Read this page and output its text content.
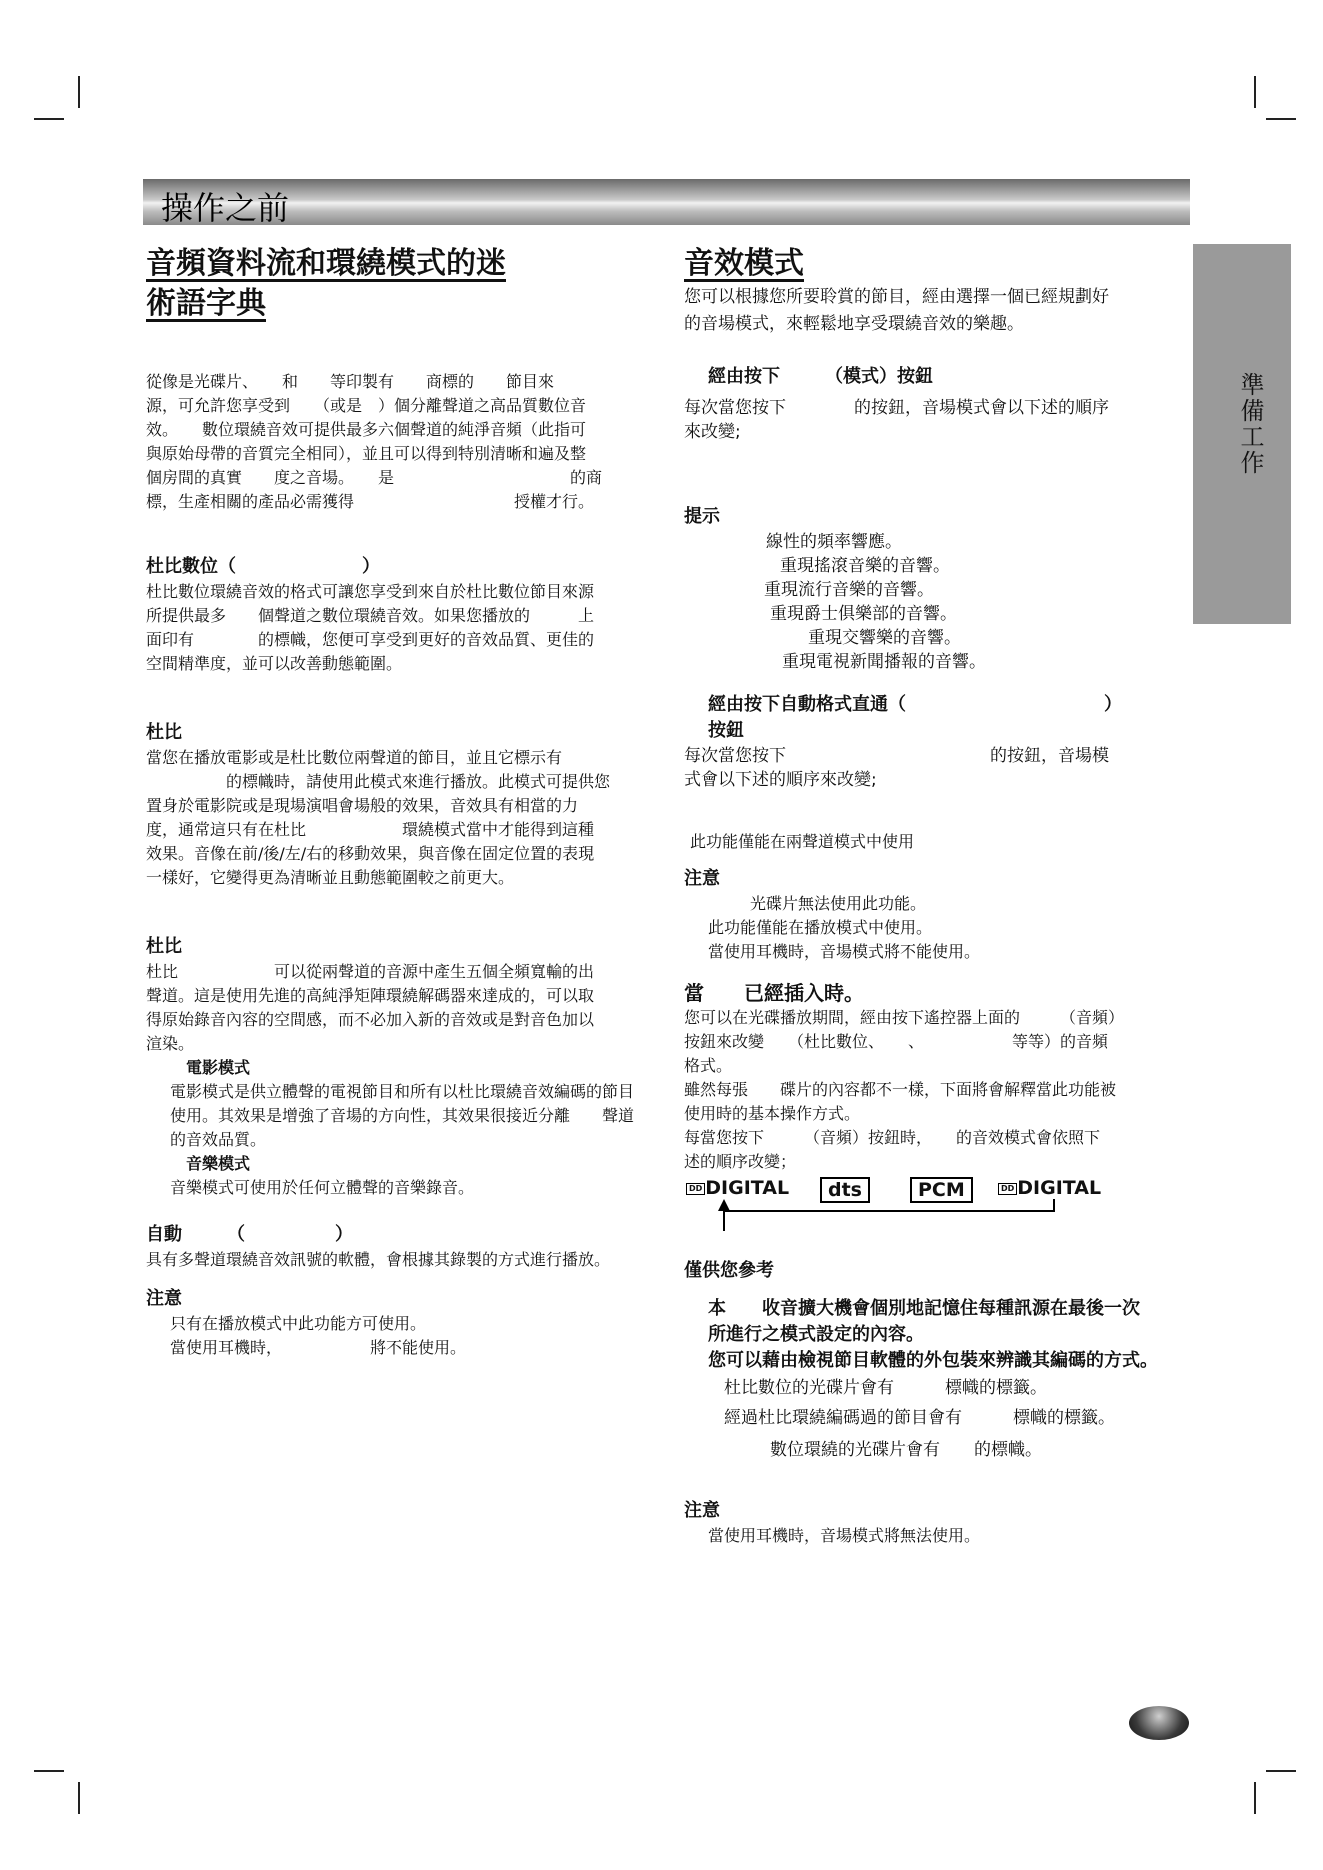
操作之前
準備工作
音頻資料流和環繞模式的迷
術語字典

從像是光碟片、　　和　　等印製有　　商標的　　節目來

源，可允許您享受到　　（或是　）個分離聲道之高品質數位音

效。　　數位環繞音效可提供最多六個聲道的純淨音頻（此指可

與原始母帶的音質完全相同），並且可以得到特別清晰和遍及整

個房間的真實　　度之音場。　　是　　　　　　　　　　　的商

標，生產相關的產品必需獲得　　　　　　　　　　授權才行。

杜比數位（　　　　　　　）

杜比數位環繞音效的格式可讓您享受到來自於杜比數位節目來源

所提供最多　　個聲道之數位環繞音效。如果您播放的　　　上

面印有　　　　的標幟，您便可享受到更好的音效品質、更佳的

空間精準度，並可以改善動態範圍。

杜比

當您在播放電影或是杜比數位兩聲道的節目，並且它標示有

　　　　　的標幟時，請使用此模式來進行播放。此模式可提供您

置身於電影院或是現場演唱會場般的效果，音效具有相當的力

度，通常這只有在杜比　　　　　　環繞模式當中才能得到這種

效果。音像在前/後/左/右的移動效果，與音像在固定位置的表現

一樣好，它變得更為清晰並且動態範圍較之前更大。

杜比

杜比　　　　　　可以從兩聲道的音源中產生五個全頻寬輸的出

聲道。這是使用先進的高純淨矩陣環繞解碼器來達成的，可以取

得原始錄音內容的空間感，而不必加入新的音效或是對音色加以

渲染。

電影模式

電影模式是供立體聲的電視節目和所有以杜比環繞音效編碼的節目

使用。其效果是增強了音場的方向性，其效果很接近分離　　聲道

的音效品質。

音樂模式

音樂模式可使用於任何立體聲的音樂錄音。

自動　　　（　　　　　）

具有多聲道環繞音效訊號的軟體，會根據其錄製的方式進行播放。

注意

只有在播放模式中此功能方可使用。

當使用耳機時，　　　　　　將不能使用。

音效模式

您可以根據您所要聆賞的節目，經由選擇一個已經規劃好

的音場模式，來輕鬆地享受環繞音效的樂趣。

經由按下　　　（模式）按鈕

每次當您按下　　　　的按鈕，音場模式會以下述的順序

來改變;

提示

線性的頻率響應。

重現搖滾音樂的音響。

重現流行音樂的音響。

重現爵士俱樂部的音響。

重現交響樂的音響。

重現電視新聞播報的音響。

經由按下自動格式直通（　　　　　　　　　　　）

按鈕

每次當您按下　　　　　　　　　　　　的按鈕，音場模

式會以下述的順序來改變;

此功能僅能在兩聲道模式中使用

注意

光碟片無法使用此功能。

此功能僅能在播放模式中使用。

當使用耳機時，音場模式將不能使用。

當　　已經插入時。

您可以在光碟播放期間，經由按下遙控器上面的　　　（音頻）

按鈕來改變　　（杜比數位、　　、　　　　　　等等）的音頻

格式。

雖然每張　　碟片的內容都不一樣，下面將會解釋當此功能被

使用時的基本操作方式。

每當您按下　　　（音頻）按鈕時，　　的音效模式會依照下

述的順序改變；

DD DIGITAL	dts	PCM	DD DIGITAL

僅供您參考

本　　收音擴大機會個別地記憶住每種訊源在最後一次

所進行之模式設定的內容。

您可以藉由檢視節目軟體的外包裝來辨識其編碼的方式。

杜比數位的光碟片會有　　　標幟的標籤。

經過杜比環繞編碼過的節目會有　　　標幟的標籤。

數位環繞的光碟片會有　　的標幟。

注意

當使用耳機時，音場模式將無法使用。
